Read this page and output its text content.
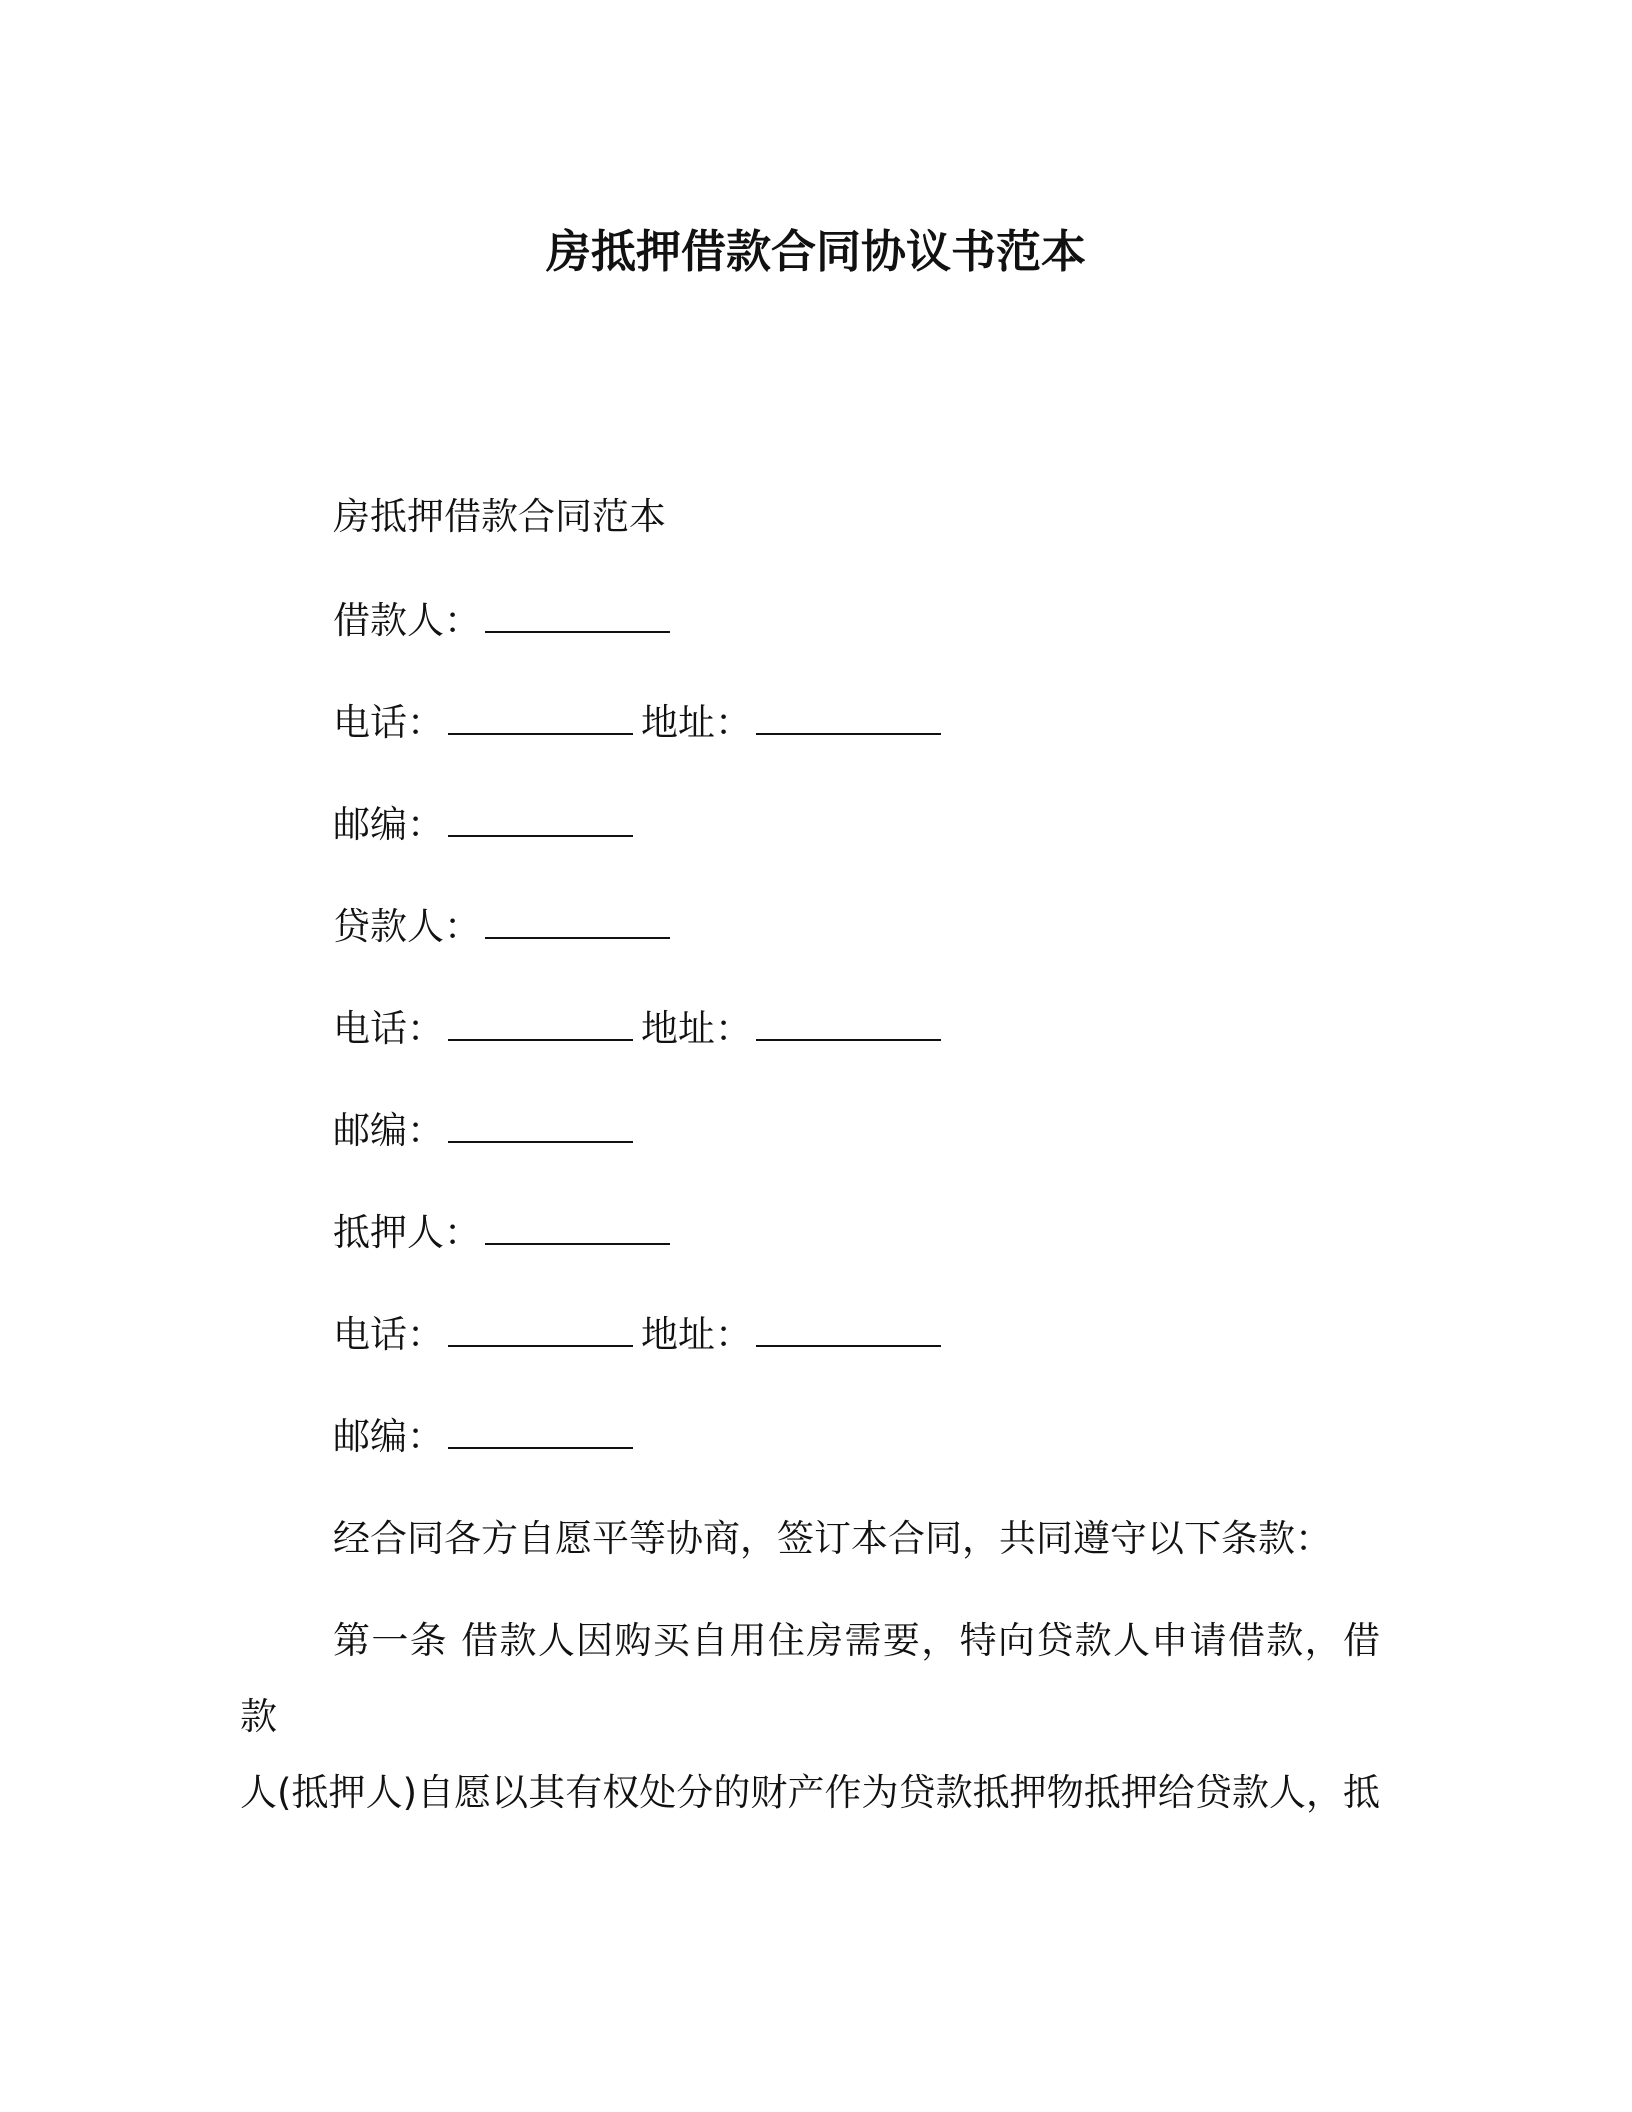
房抵押借款合同协议书范本
房抵押借款合同范本
借款人：
电话：	地址：
邮编：
贷款人：
电话：	地址：
邮编：
抵押人：
电话：	地址：
邮编：
经合同各方自愿平等协商，签订本合同，共同遵守以下条款：
第一条 借款人因购买自用住房需要，特向贷款人申请借款，借款
人(抵押人)自愿以其有权处分的财产作为贷款抵押物抵押给贷款人，抵
